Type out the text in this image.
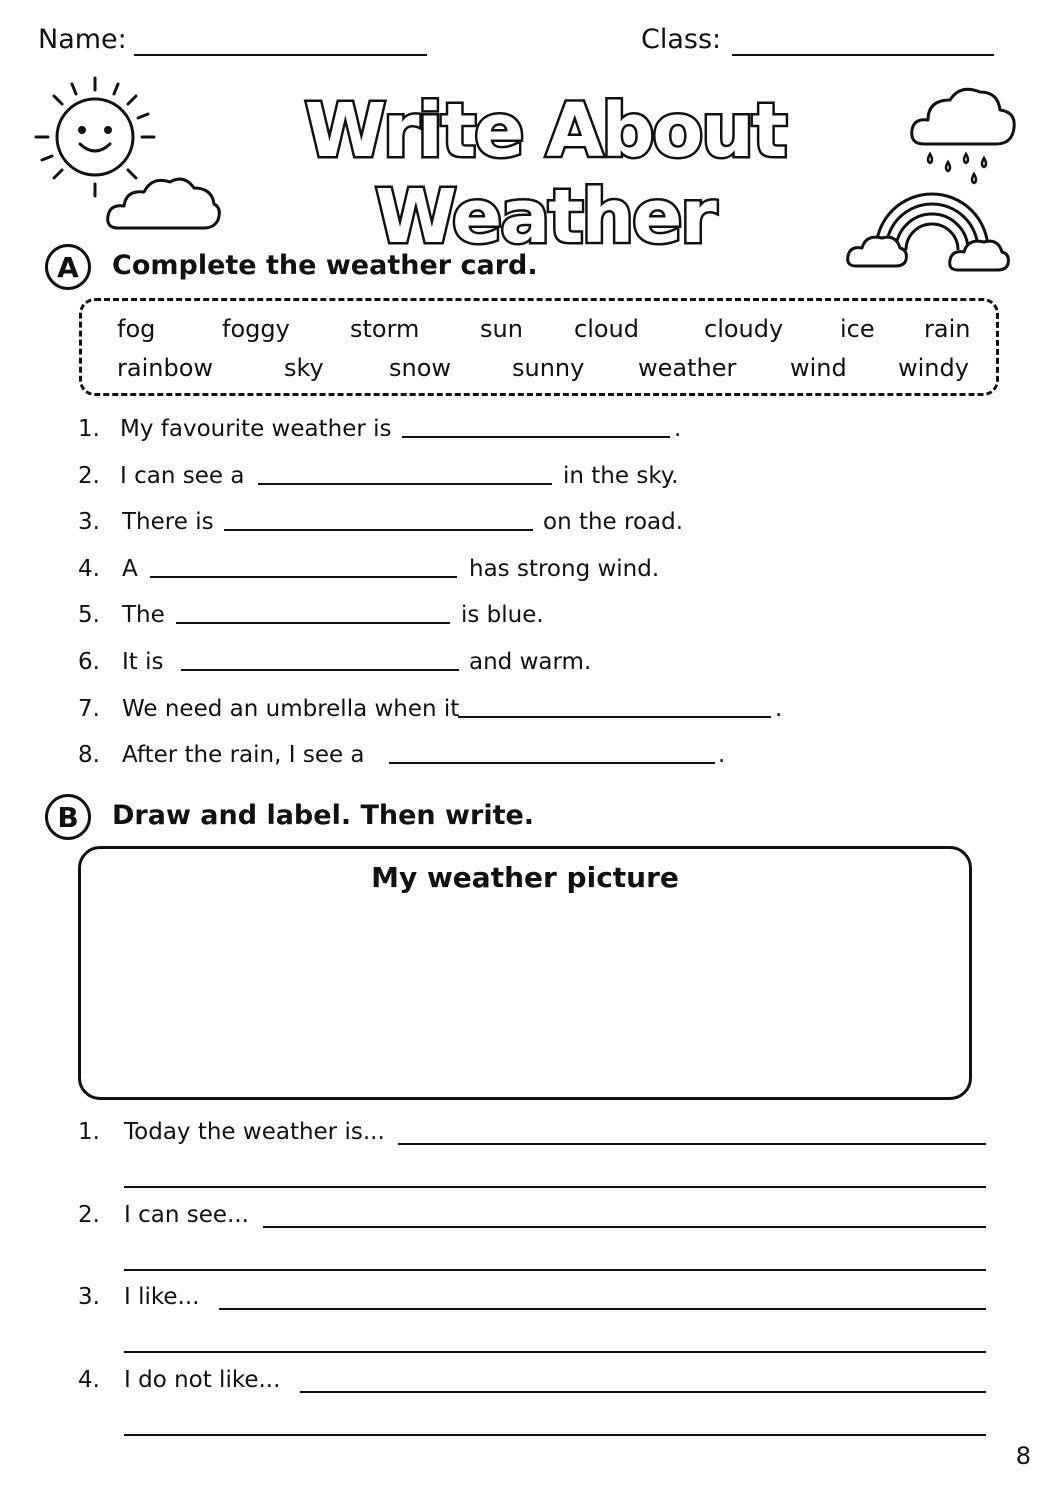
Name:	Class:
Write About Weather
A	Complete the weather card.
fog	foggy	storm	sun cloud	cloudy ice rain
rainbow	sky	snow	sunny weather wind windy
1. My favourite weather is	.
2. I can see a	in the sky.
3. There is	on the road.
4. A	has strong wind.
5. The	is blue.
6. It is	and warm.
7. We need an umbrella when it	.
8. After the rain, I see a	.
B	Draw and label. Then write.
My weather picture
1. Today the weather is...
2. I can see...
3. I like...
4. I do not like...
8
